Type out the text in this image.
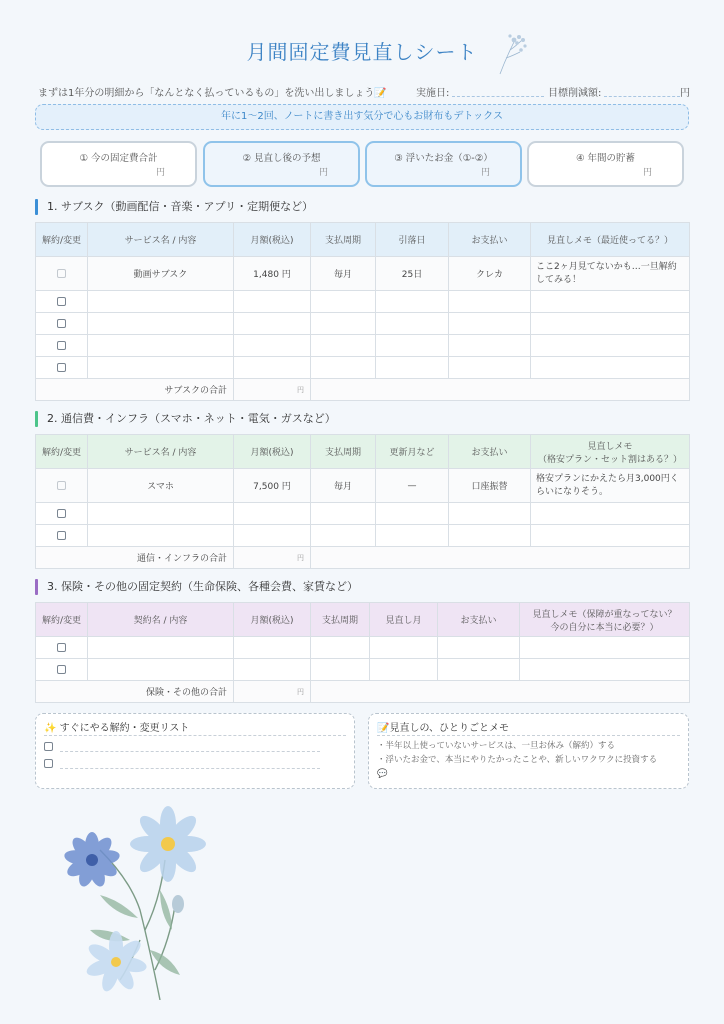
月間固定費見直しシート
まずは1年分の明細から「なんとなく払っているもの」を洗い出しましょう📝	実施日:	目標削減額:	円
年に1〜2回、ノートに書き出す気分で心もお財布もデトックス
① 今の固定費合計
円
② 見直し後の予想
円
③ 浮いたお金（①-②）
円
④ 年間の貯蓄
円
1. サブスク（動画配信・音楽・アプリ・定期便など）
解約/変更	サービス名 / 内容	月額(税込)	支払周期	引落日	お支払い	見直しメモ（最近使ってる？）
	動画サブスク	1,480 円	毎月	25日	クレカ	ここ2ヶ月見てないかも…一旦解約してみる！

サブスクの合計		円				

2. 通信費・インフラ（スマホ・ネット・電気・ガスなど）
解約/変更	サービス名 / 内容	月額(税込)	支払周期	更新月など	お支払い	見直しメモ
（格安プラン・セット割はある？）
	スマホ	7,500 円	毎月	—	口座振替	格安プランにかえたら月3,000円くらいになりそう。

通信・インフラの合計		円				

3. 保険・その他の固定契約（生命保険、各種会費、家賃など）
解約/変更	契約名 / 内容	月額(税込)	支払周期	見直し月	お支払い	見直しメモ（保障が重なってない？
今の自分に本当に必要？）

保険・その他の合計		円				

✨ すぐにやる解約・変更リスト	📝見直しの、ひとりごとメモ
・半年以上使っていないサービスは、一旦お休み（解約）する
・浮いたお金で、本当にやりたかったことや、新しいワクワクに投資する
💬
